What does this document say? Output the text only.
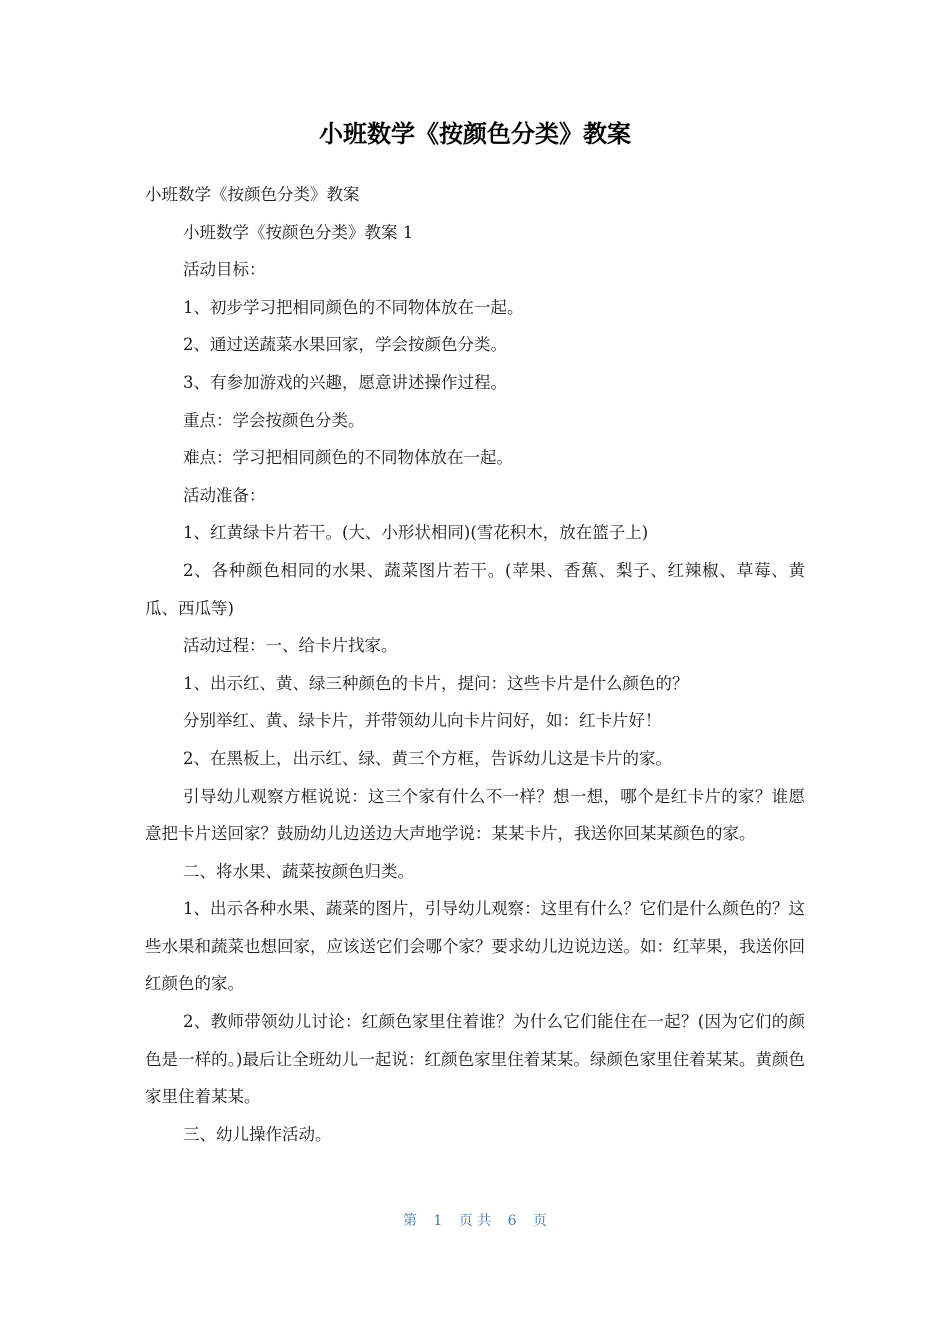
小班数学《按颜色分类》教案

小班数学《按颜色分类》教案

小班数学《按颜色分类》教案 1

活动目标：

1、初步学习把相同颜色的不同物体放在一起。

2、通过送蔬菜水果回家，学会按颜色分类。

3、有参加游戏的兴趣，愿意讲述操作过程。

重点：学会按颜色分类。

难点：学习把相同颜色的不同物体放在一起。

活动准备：

1、红黄绿卡片若干。(大、小形状相同)(雪花积木，放在篮子上)

2、各种颜色相同的水果、蔬菜图片若干。(苹果、香蕉、梨子、红辣椒、草莓、黄瓜、西瓜等)

活动过程：一、给卡片找家。

1、出示红、黄、绿三种颜色的卡片，提问：这些卡片是什么颜色的？

分别举红、黄、绿卡片，并带领幼儿向卡片问好，如：红卡片好！

2、在黑板上，出示红、绿、黄三个方框，告诉幼儿这是卡片的家。

引导幼儿观察方框说说：这三个家有什么不一样？想一想，哪个是红卡片的家？谁愿意把卡片送回家？鼓励幼儿边送边大声地学说：某某卡片，我送你回某某颜色的家。

二、将水果、蔬菜按颜色归类。

1、出示各种水果、蔬菜的图片，引导幼儿观察：这里有什么？它们是什么颜色的？这些水果和蔬菜也想回家，应该送它们会哪个家？要求幼儿边说边送。如：红苹果，我送你回红颜色的家。

2、教师带领幼儿讨论：红颜色家里住着谁？为什么它们能住在一起？(因为它们的颜色是一样的。)最后让全班幼儿一起说：红颜色家里住着某某。绿颜色家里住着某某。黄颜色家里住着某某。

三、幼儿操作活动。

第 1 页 共 6 页
